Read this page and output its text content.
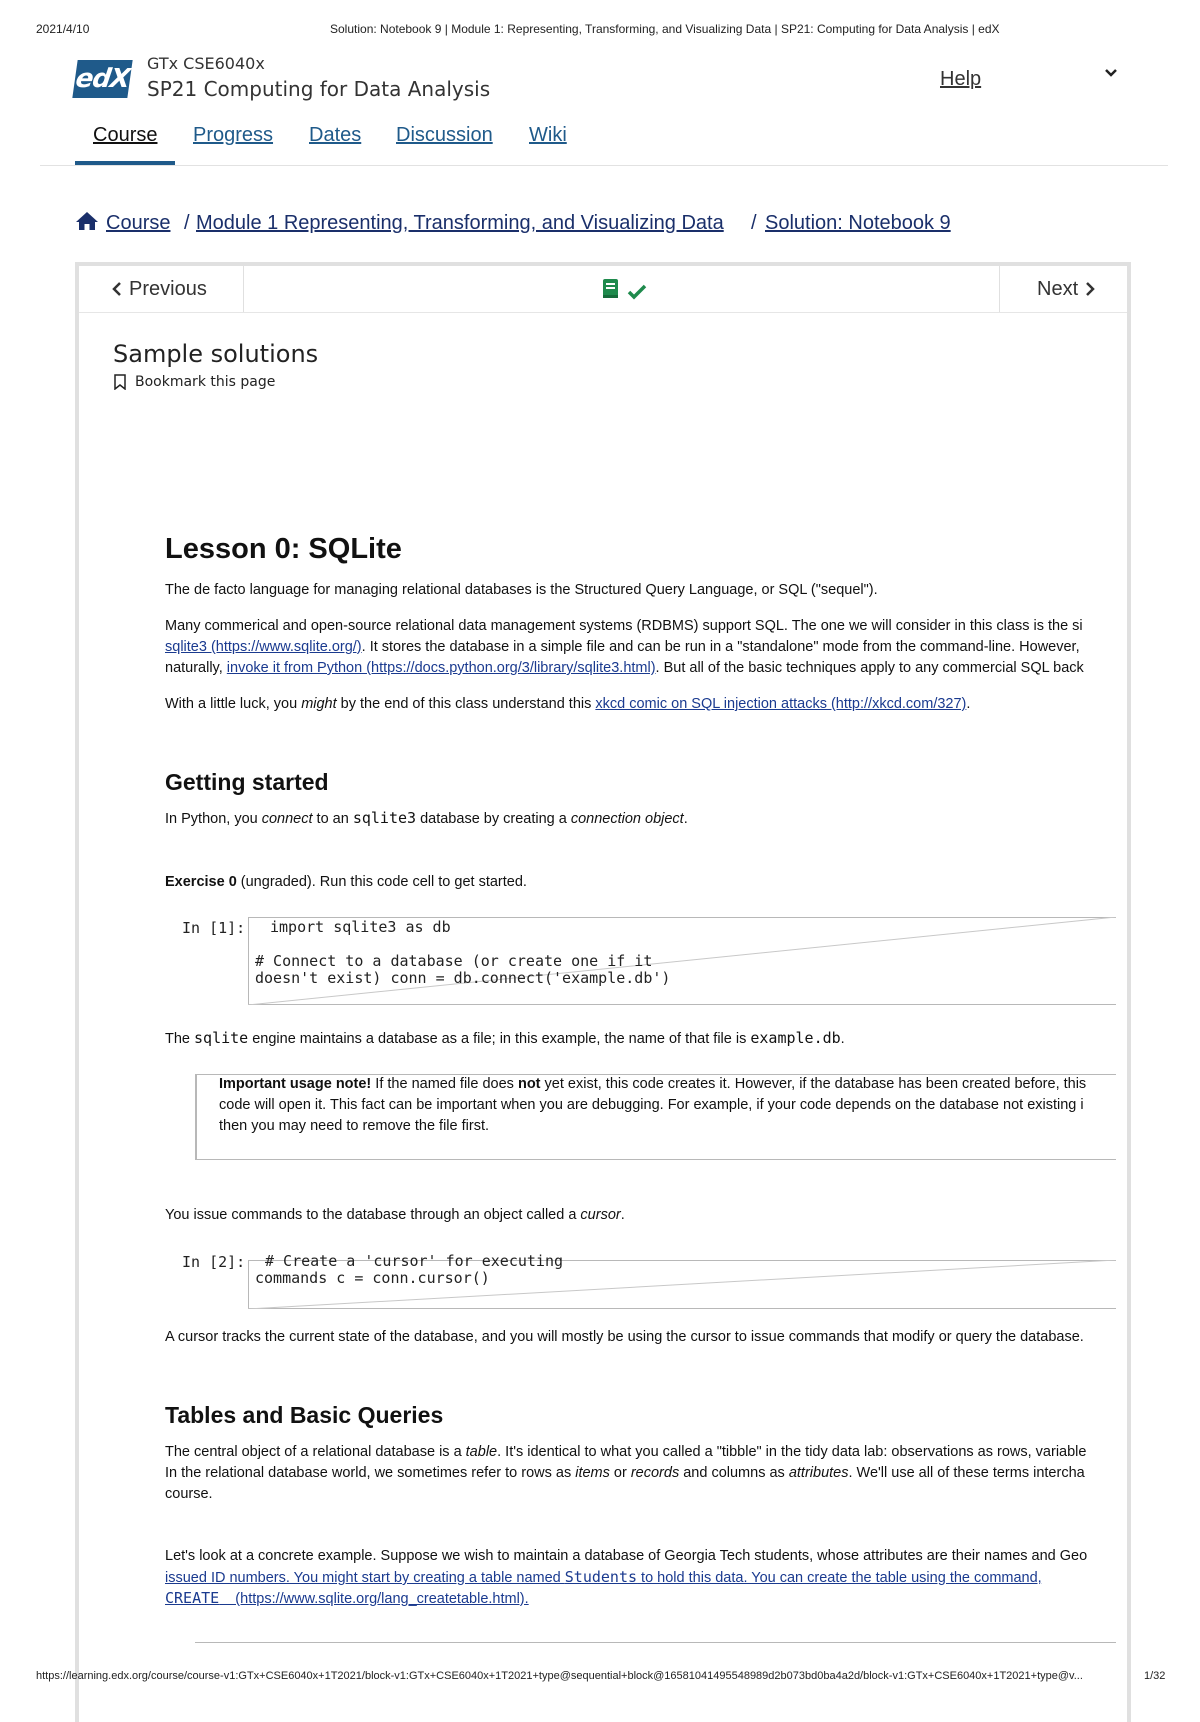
2021/4/10	Solution: Notebook 9 | Module 1: Representing, Transforming, and Visualizing Data | SP21: Computing for Data Analysis | edX
edX
GTx CSE6040x
SP21 Computing for Data Analysis	Help
Course Progress Dates Discussion Wiki
Course / Module 1 Representing, Transforming, and Visualizing Data / Solution: Notebook 9
Previous
	Next
Sample solutions
Bookmark this page
Lesson 0: SQLite
The de facto language for managing relational databases is the Structured Query Language, or SQL ("sequel").
Many commerical and open-source relational data management systems (RDBMS) support SQL. The one we will consider in this class is the si
sqlite3 (https://www.sqlite.org/). It stores the database in a simple file and can be run in a "standalone" mode from the command-line. However,
naturally, invoke it from Python (https://docs.python.org/3/library/sqlite3.html). But all of the basic techniques apply to any commercial SQL back
With a little luck, you might by the end of this class understand this xkcd comic on SQL injection attacks (http://xkcd.com/327).
Getting started
In Python, you connect to an sqlite3 database by creating a connection object.
Exercise 0 (ungraded). Run this code cell to get started.
In [1]: import sqlite3 as db
# Connect to a database (or create one if it
doesn't exist) conn = db.connect('example.db')
The sqlite engine maintains a database as a file; in this example, the name of that file is example.db.
Important usage note! If the named file does not yet exist, this code creates it. However, if the database has been created before, this
code will open it. This fact can be important when you are debugging. For example, if your code depends on the database not existing i
then you may need to remove the file first.
You issue commands to the database through an object called a cursor.
In [2]: # Create a 'cursor' for executing
commands c = conn.cursor()
A cursor tracks the current state of the database, and you will mostly be using the cursor to issue commands that modify or query the database.
Tables and Basic Queries
The central object of a relational database is a table. It's identical to what you called a "tibble" in the tidy data lab: observations as rows, variable
In the relational database world, we sometimes refer to rows as items or records and columns as attributes. We'll use all of these terms intercha
course.
Let's look at a concrete example. Suppose we wish to maintain a database of Georgia Tech students, whose attributes are their names and Geo
issued ID numbers. You might start by creating a table named Students to hold this data. You can create the table using the command,
CREATE    (https://www.sqlite.org/lang_createtable.html).
https://learning.edx.org/course/course-v1:GTx+CSE6040x+1T2021/block-v1:GTx+CSE6040x+1T2021+type@sequential+block@16581041495548989d2b073bd0ba4a2d/block-v1:GTx+CSE6040x+1T2021+type@v...	1/32
